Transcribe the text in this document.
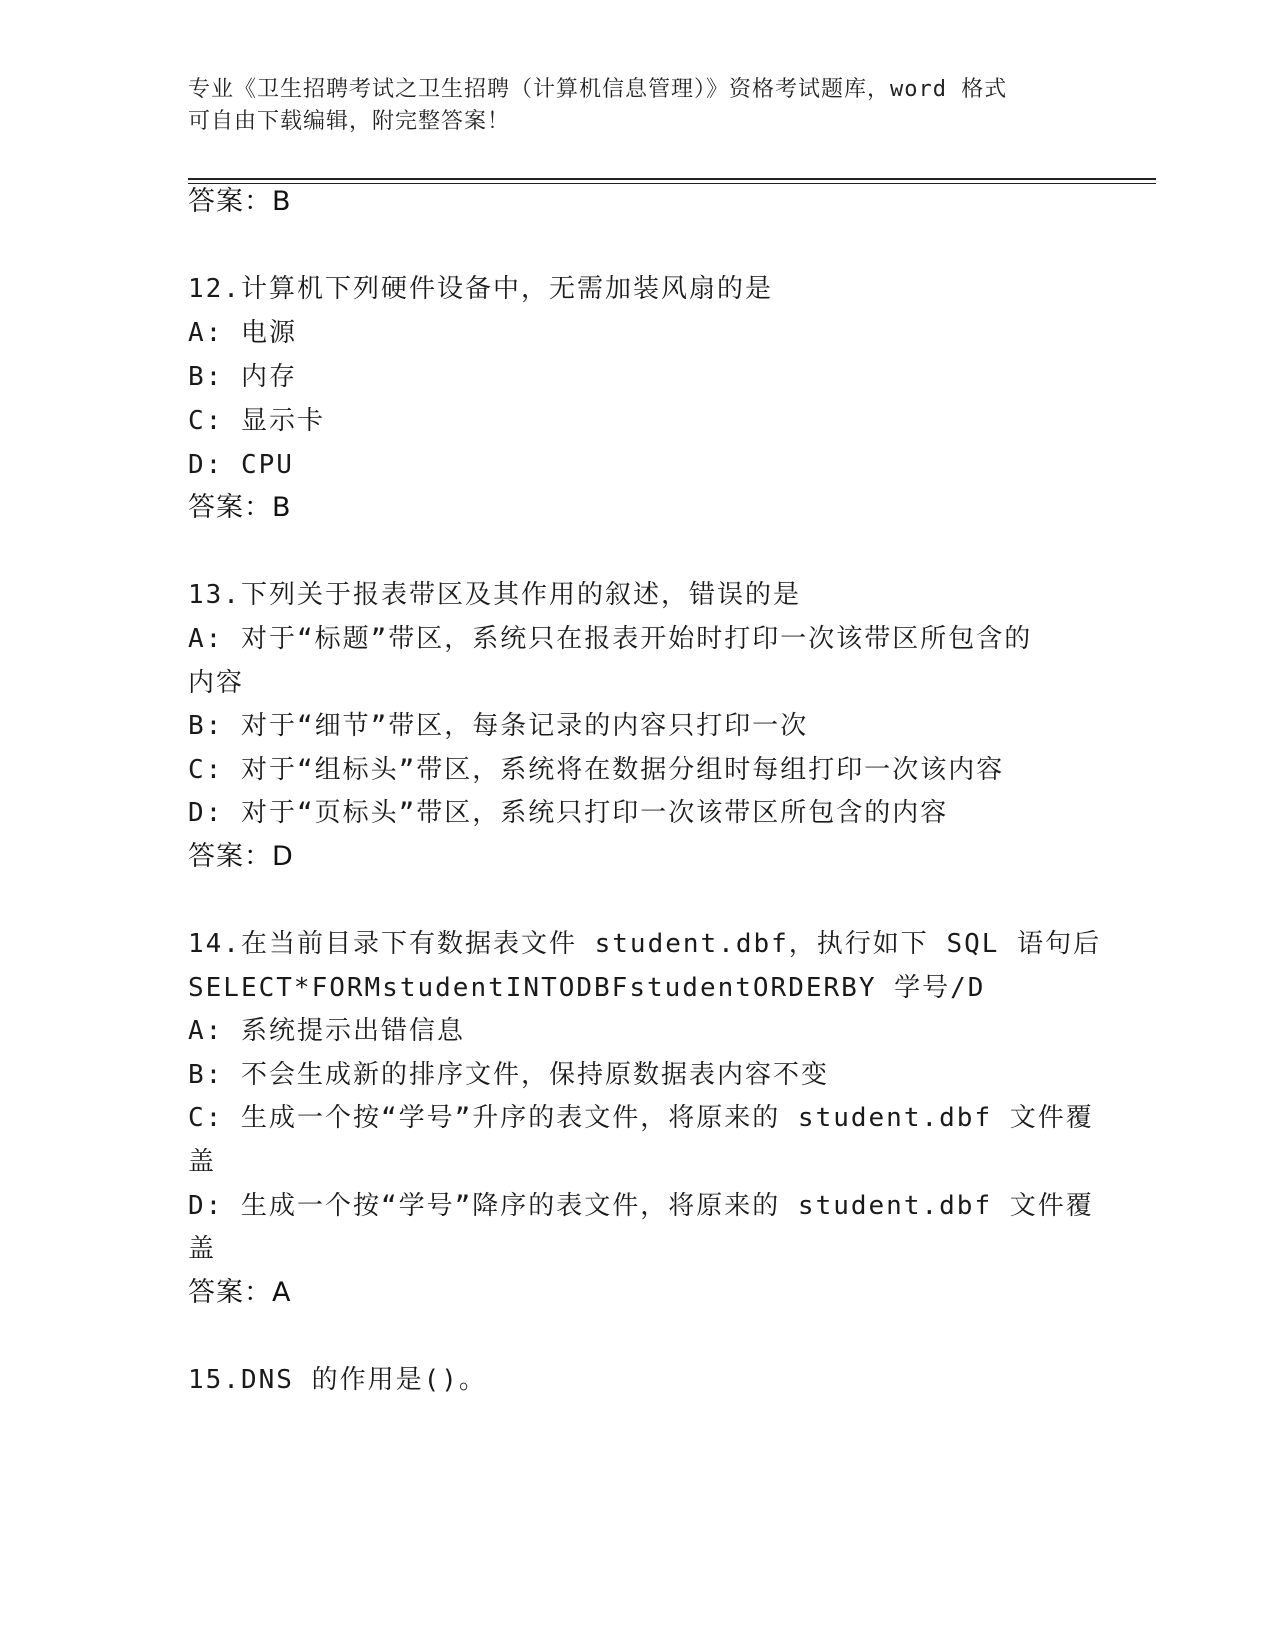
专业《卫生招聘考试之卫生招聘（计算机信息管理）》资格考试题库，word 格式
可自由下载编辑，附完整答案！
答案：B
12.计算机下列硬件设备中，无需加装风扇的是
A: 电源
B: 内存
C: 显示卡
D: CPU
答案：B
13.下列关于报表带区及其作用的叙述，错误的是
A: 对于“标题”带区，系统只在报表开始时打印一次该带区所包含的
内容
B: 对于“细节”带区，每条记录的内容只打印一次
C: 对于“组标头”带区，系统将在数据分组时每组打印一次该内容
D: 对于“页标头”带区，系统只打印一次该带区所包含的内容
答案：D
14.在当前目录下有数据表文件 student.dbf，执行如下 SQL 语句后
SELECT*FORMstudentINTODBFstudentORDERBY 学号/D
A: 系统提示出错信息
B: 不会生成新的排序文件，保持原数据表内容不变
C: 生成一个按“学号”升序的表文件，将原来的 student.dbf 文件覆
盖
D: 生成一个按“学号”降序的表文件，将原来的 student.dbf 文件覆
盖
答案：A
15.DNS 的作用是()。
